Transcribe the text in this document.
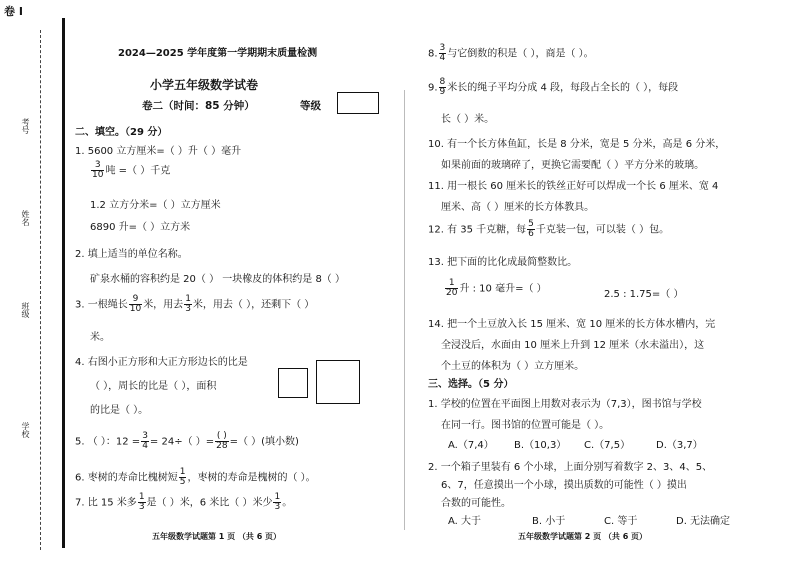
卷 I
考号
姓名
班级
学校
2024—2025 学年度第一学期期末质量检测
小学五年级数学试卷
卷二（时间：85 分钟）	等级
二、填空。（29 分）
1. 5600 立方厘米=（ ）升（ ）毫升
$\frac{3}{10}$ 吨 =（ ）千克
1.2 立方分米=（ ）立方厘米
6890 升=（ ）立方米
2. 填上适当的单位名称。
矿泉水桶的容积约是 20（ ） 一块橡皮的体积约是 8（ ）
3. 一根绳长 $\frac{9}{10}$ 米，用去 $\frac{1}{3}$ 米，用去（ ），还剩下（ ）
米。
4. 右图小正方形和大正方形边长的比是
（ ），周长的比是（ ），面积
的比是（ ）。
5. （ ）：$12 = \frac{3}{4} = 24\div$（ ）= $\frac{( )}{28}$ =（ ）(填小数)
6. 枣树的寿命比槐树短 $\frac{1}{5}$ ，枣树的寿命是槐树的（ ）。
7. 比 15 米多 $\frac{1}{3}$ 是（ ）米，6 米比（ ）米少 $\frac{1}{3}$ 。
五年级数学试题第 1 页 （共 6 页）
8. $\frac{3}{4}$ 与它倒数的积是（ ），商是（ ）。
9. $\frac{8}{9}$ 米长的绳子平均分成 4 段，每段占全长的（ ），每段
长（ ）米。
10. 有一个长方体鱼缸，长是 8 分米，宽是 5 分米，高是 6 分米，
如果前面的玻璃碎了，更换它需要配（ ）平方分米的玻璃。
11. 用一根长 60 厘米长的铁丝正好可以焊成一个长 6 厘米、宽 4
厘米、高（ ）厘米的长方体教具。
12. 有 35 千克糖，每 $\frac{5}{6}$ 千克装一包，可以装（ ）包。
13. 把下面的比化成最简整数比。
$\frac{1}{20}$ 升 : 10 毫升=（ ）	2.5 : 1.75=（ ）
14. 把一个土豆放入长 15 厘米、宽 10 厘米的长方体水槽内，完
全浸没后，水面由 10 厘米上升到 12 厘米（水未溢出），这
个土豆的体积为（ ）立方厘米。
三、选择。（5 分）
1. 学校的位置在平面图上用数对表示为（7,3），图书馆与学校
在同一行。图书馆的位置可能是（ ）。
A.（7,4） B.（10,3） C.（7,5）	D.（3,7）
2. 一个箱子里装有 6 个小球，上面分别写着数字 2、3、4、5、
6、7，任意摸出一个小球，摸出质数的可能性（ ）摸出
合数的可能性。
A. 大于	B. 小于	C. 等于	D. 无法确定
五年级数学试题第 2 页 （共 6 页）
